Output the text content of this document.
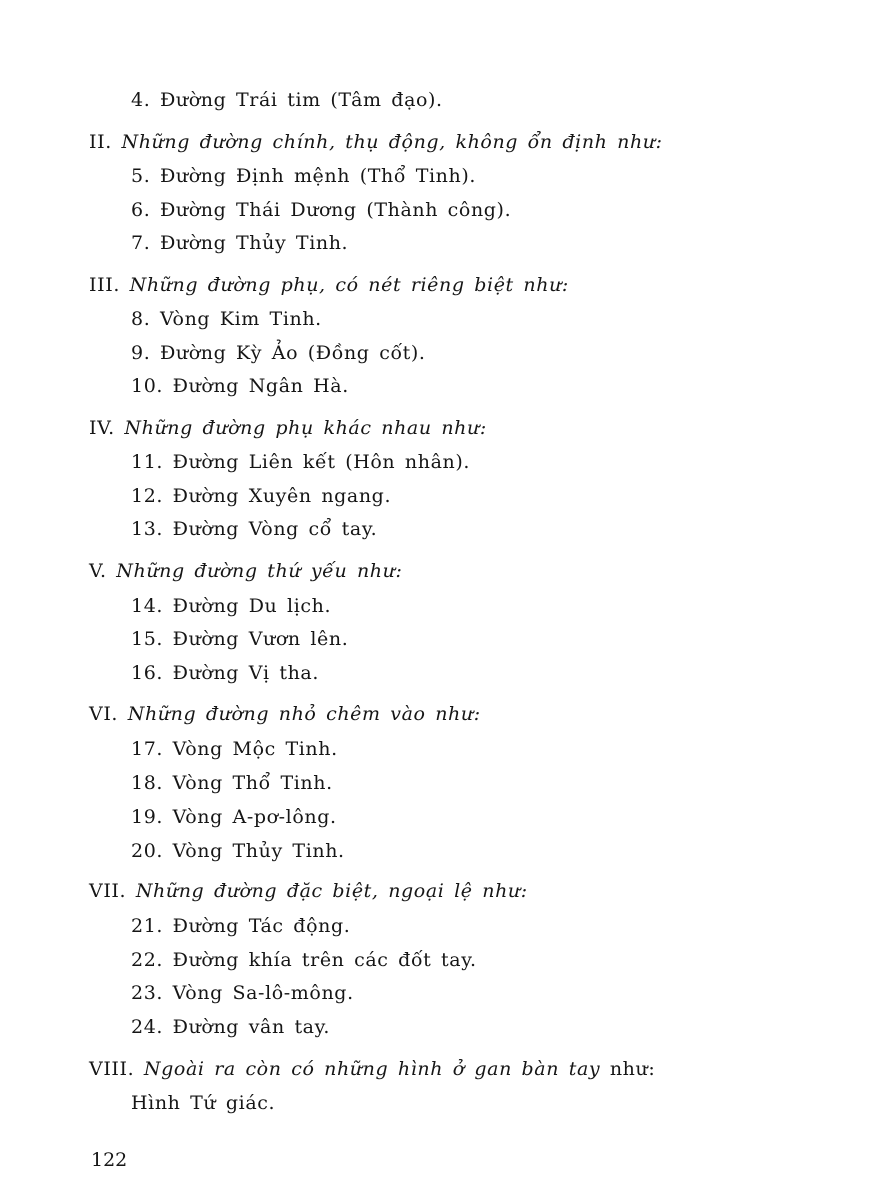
4. Đường Trái tim (Tâm đạo).
II. Những đường chính, thụ động, không ổn định như:
5. Đường Định mệnh (Thổ Tinh).
6. Đường Thái Dương (Thành công).
7. Đường Thủy Tinh.
III. Những đường phụ, có nét riêng biệt như:
8. Vòng Kim Tinh.
9. Đường Kỳ Ảo (Đồng cốt).
10. Đường Ngân Hà.
IV. Những đường phụ khác nhau như:
11. Đường Liên kết (Hôn nhân).
12. Đường Xuyên ngang.
13. Đường Vòng cổ tay.
V. Những đường thứ yếu như:
14. Đường Du lịch.
15. Đường Vươn lên.
16. Đường Vị tha.
VI. Những đường nhỏ chêm vào như:
17. Vòng Mộc Tinh.
18. Vòng Thổ Tinh.
19. Vòng A-pơ-lông.
20. Vòng Thủy Tinh.
VII. Những đường đặc biệt, ngoại lệ như:
21. Đường Tác động.
22. Đường khía trên các đốt tay.
23. Vòng Sa-lô-mông.
24. Đường vân tay.
VIII. Ngoài ra còn có những hình ở gan bàn tay như:
Hình Tứ giác.
122
